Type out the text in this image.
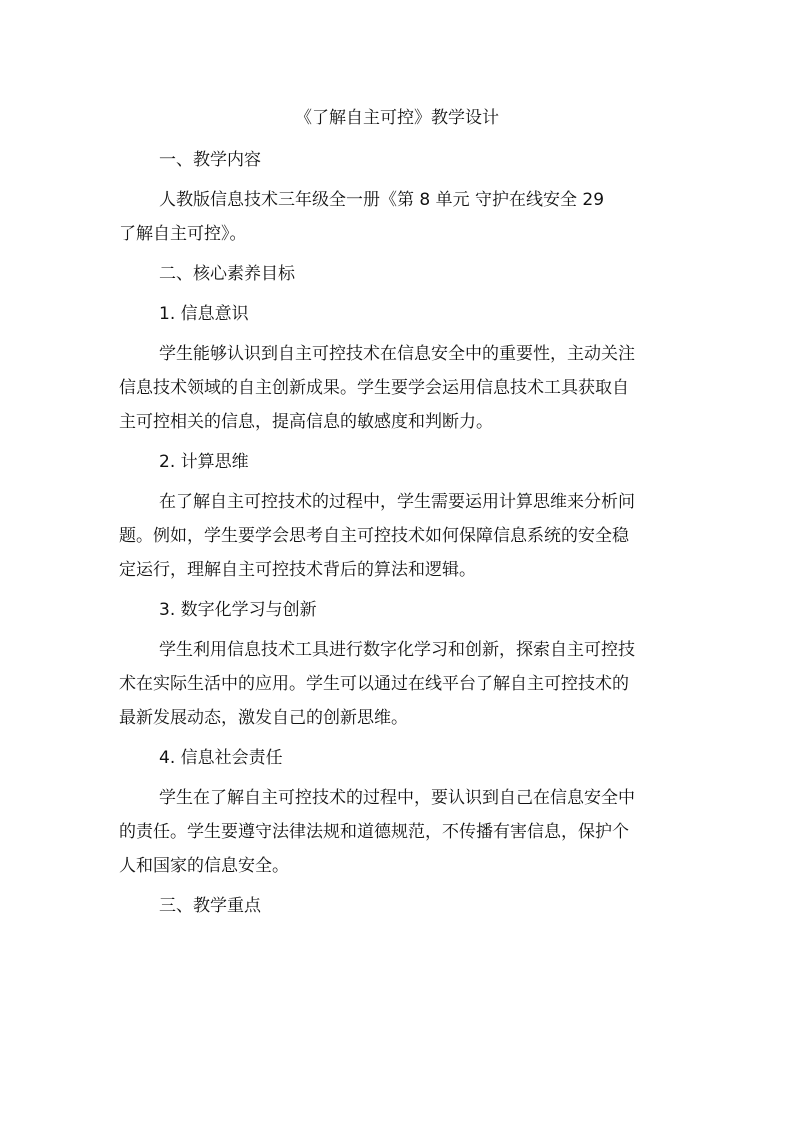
《了解自主可控》教学设计
一、教学内容
人教版信息技术三年级全一册《第 8 单元 守护在线安全 29
了解自主可控》。
二、核心素养目标
1. 信息意识
学生能够认识到自主可控技术在信息安全中的重要性，主动关注
信息技术领域的自主创新成果。学生要学会运用信息技术工具获取自
主可控相关的信息，提高信息的敏感度和判断力。
2. 计算思维
在了解自主可控技术的过程中，学生需要运用计算思维来分析问
题。例如，学生要学会思考自主可控技术如何保障信息系统的安全稳
定运行，理解自主可控技术背后的算法和逻辑。
3. 数字化学习与创新
学生利用信息技术工具进行数字化学习和创新，探索自主可控技
术在实际生活中的应用。学生可以通过在线平台了解自主可控技术的
最新发展动态，激发自己的创新思维。
4. 信息社会责任
学生在了解自主可控技术的过程中，要认识到自己在信息安全中
的责任。学生要遵守法律法规和道德规范，不传播有害信息，保护个
人和国家的信息安全。
三、教学重点
